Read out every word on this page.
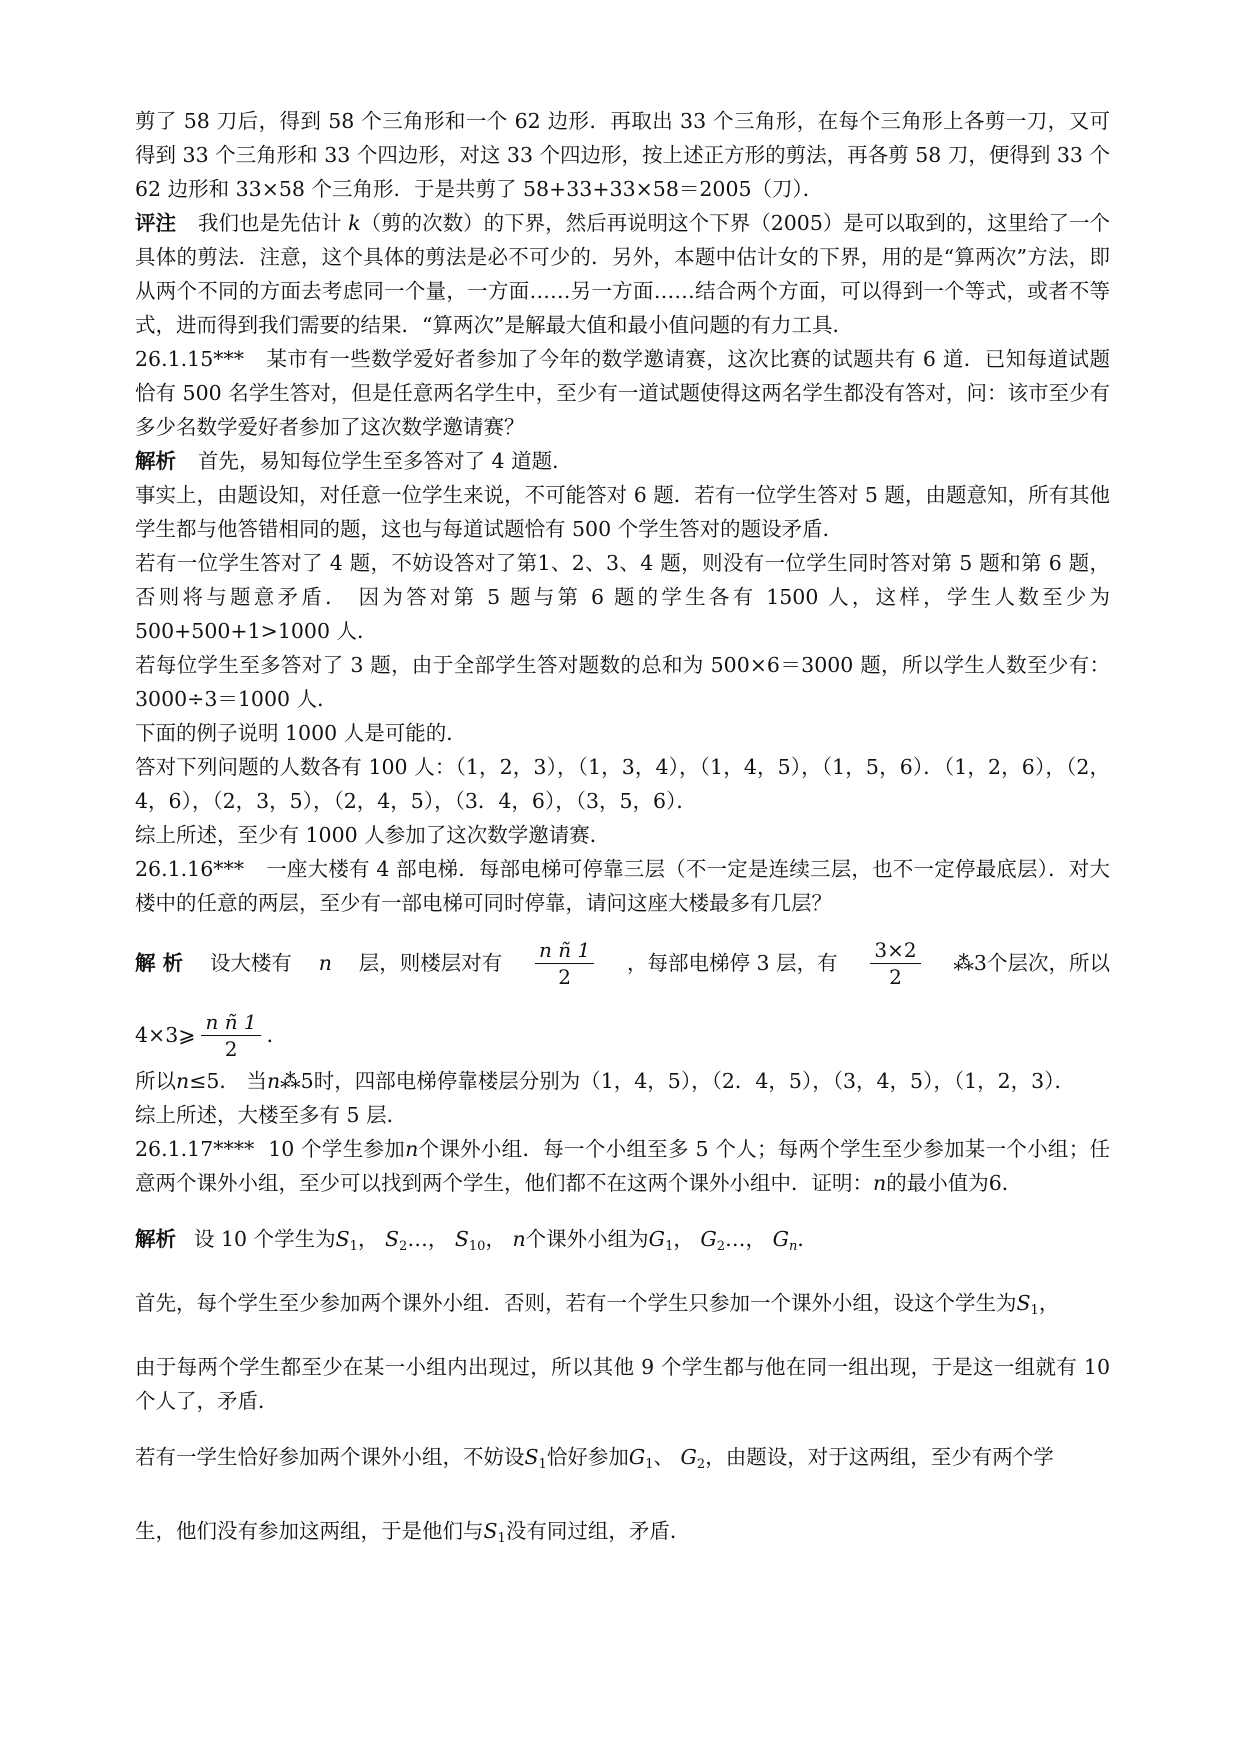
剪了 58 刀后，得到 58 个三角形和一个 62 边形．再取出 33 个三角形，在每个三角形上各剪一刀，又可得到 33 个三角形和 33 个四边形，对这 33 个四边形，按上述正方形的剪法，再各剪 58 刀，便得到 33 个 62 边形和 33×58 个三角形．于是共剪了 58+33+33×58＝2005（刀）．

评注 我们也是先估计 k（剪的次数）的下界，然后再说明这个下界（2005）是可以取到的，这里给了一个具体的剪法．注意，这个具体的剪法是必不可少的．另外，本题中估计女的下界，用的是“算两次”方法，即从两个不同的方面去考虑同一个量，一方面……另一方面……结合两个方面，可以得到一个等式，或者不等式，进而得到我们需要的结果．“算两次”是解最大值和最小值问题的有力工具．

26.1.15*** 某市有一些数学爱好者参加了今年的数学邀请赛，这次比赛的试题共有 6 道．已知每道试题恰有 500 名学生答对，但是任意两名学生中，至少有一道试题使得这两名学生都没有答对，问：该市至少有多少名数学爱好者参加了这次数学邀请赛？

解析 首先，易知每位学生至多答对了 4 道题．

事实上，由题设知，对任意一位学生来说，不可能答对 6 题．若有一位学生答对 5 题，由题意知，所有其他学生都与他答错相同的题，这也与每道试题恰有 500 个学生答对的题设矛盾．

若有一位学生答对了 4 题，不妨设答对了第1、2、3、4 题，则没有一位学生同时答对第 5 题和第 6 题，否则将与题意矛盾． 因为答对第 5 题与第 6 题的学生各有 1500 人，这样，学生人数至少为 500+500+1>1000 人．

若每位学生至多答对了 3 题，由于全部学生答对题数的总和为 500×6＝3000 题，所以学生人数至少有：3000÷3＝1000 人．

下面的例子说明 1000 人是可能的．

答对下列问题的人数各有 100 人：（1，2，3），（1，3，4），（1，4，5），（1，5，6）．（1，2，6），（2，4，6），（2，3，5），（2，4，5），（3．4，6），（3，5，6）．

综上所述，至少有 1000 人参加了这次数学邀请赛．

26.1.16*** 一座大楼有 4 部电梯．每部电梯可停靠三层（不一定是连续三层，也不一定停最底层）．对大楼中的任意的两层，至少有一部电梯可同时停靠，请问这座大楼最多有几层？

解 析 设大楼有 n 层，则楼层对有 $\frac{\text{n ñ 1}}{2}$ ，每部电梯停 3 层，有 $\frac{3\times 2}{2}$ ⁂3个层次，所以

4×3⩾ $\frac{\text{n ñ 1}}{2}$ ．

所以n≤5． 当n⁂5时，四部电梯停靠楼层分别为（1，4，5），（2．4，5），（3，4，5），（1，2，3）．

综上所述，大楼至多有 5 层．

26.1.17**** 10 个学生参加n个课外小组．每一个小组至多 5 个人；每两个学生至少参加某一个小组；任意两个课外小组，至少可以找到两个学生，他们都不在这两个课外小组中．证明：n的最小值为6．

解析 设 10 个学生为$S_1$， $S_2\dots$， $S_{10}$， n个课外小组为$G_1$， $G_2\dots$， $G_n$．

首先，每个学生至少参加两个课外小组．否则，若有一个学生只参加一个课外小组，设这个学生为$S_1$，

由于每两个学生都至少在某一小组内出现过，所以其他 9 个学生都与他在同一组出现，于是这一组就有 10 个人了，矛盾．

若有一学生恰好参加两个课外小组，不妨设$S_1$恰好参加$G_1$、 $G_2$，由题设，对于这两组，至少有两个学

生，他们没有参加这两组，于是他们与$S_1$没有同过组，矛盾．
